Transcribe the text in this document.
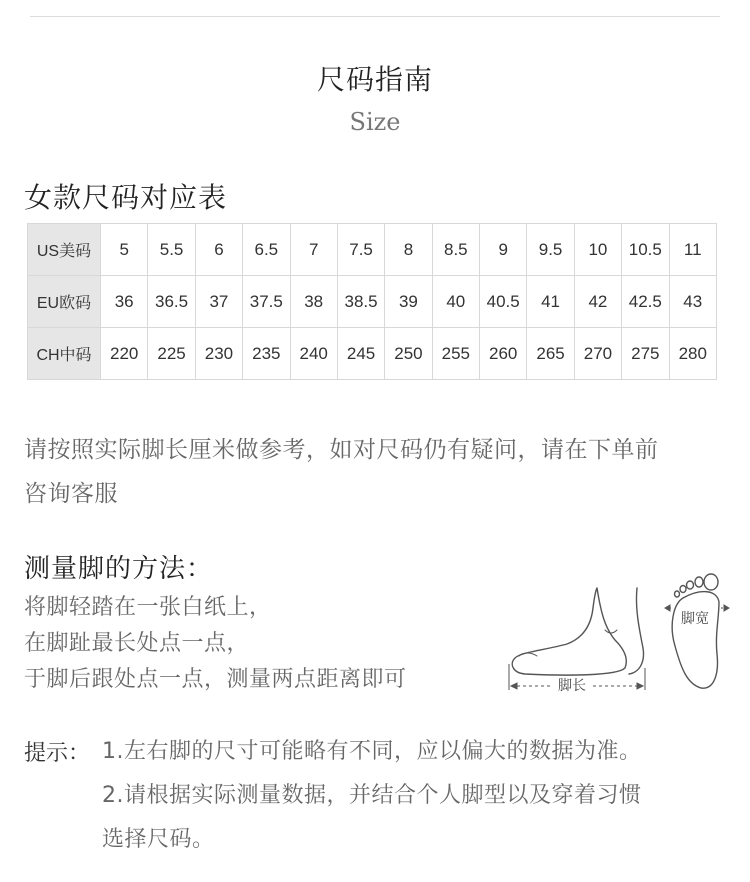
尺码指南
Size
女款尺码对应表
US美码	5	5.5	6	6.5	7	7.5	8	8.5	9	9.5	10	10.5	11
EU欧码	36	36.5	37	37.5	38	38.5	39	40	40.5	41	42	42.5	43
CH中码	220	225	230	235	240	245	250	255	260	265	270	275	280
请按照实际脚长厘米做参考，如对尺码仍有疑问，请在下单前
咨询客服
测量脚的方法：
将脚轻踏在一张白纸上，
在脚趾最长处点一点，
于脚后跟处点一点，测量两点距离即可	脚长
脚宽
提示： 1.左右脚的尺寸可能略有不同，应以偏大的数据为准。
2.请根据实际测量数据，并结合个人脚型以及穿着习惯
选择尺码。
